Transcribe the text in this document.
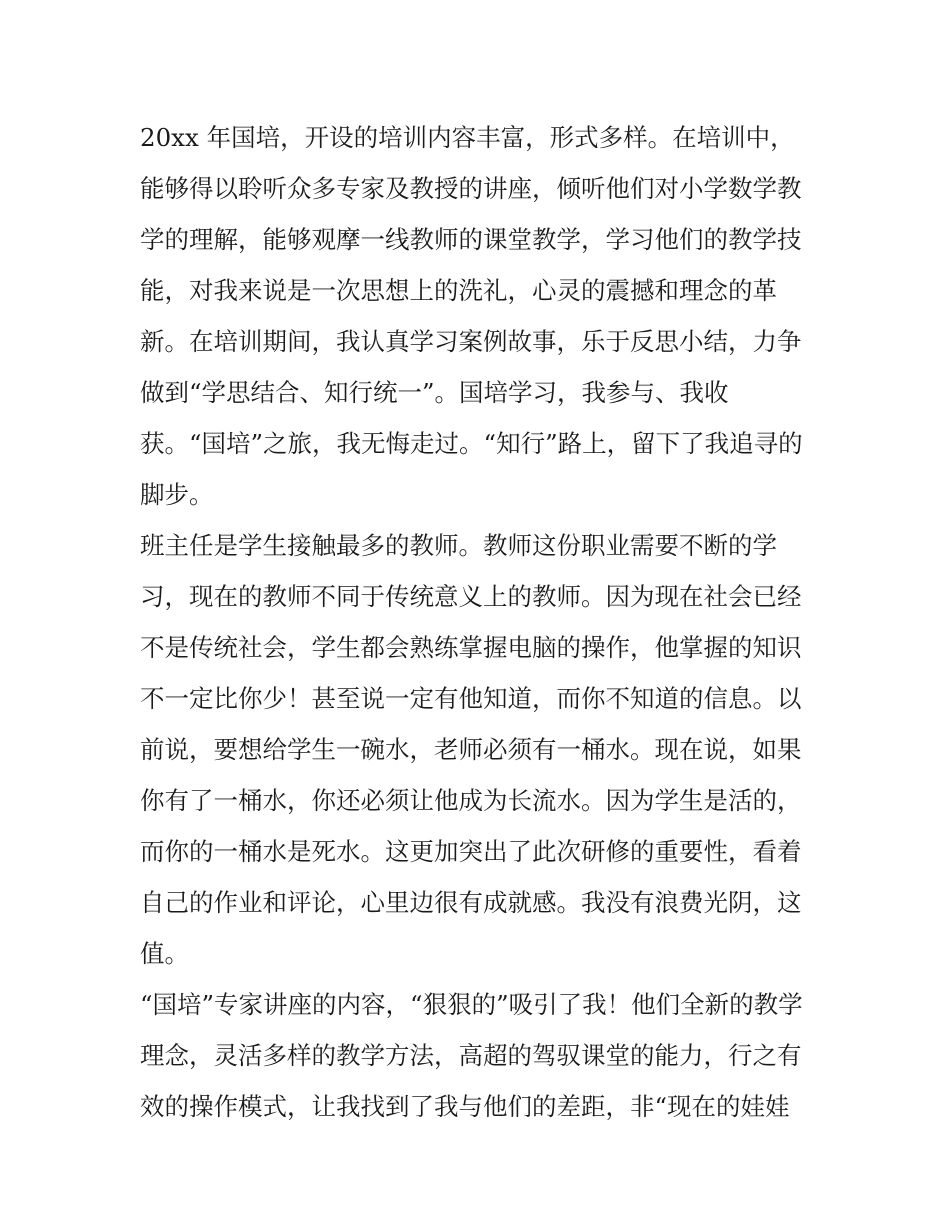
20xx 年国培，开设的培训内容丰富，形式多样。在培训中，
能够得以聆听众多专家及教授的讲座，倾听他们对小学数学教
学的理解，能够观摩一线教师的课堂教学，学习他们的教学技
能，对我来说是一次思想上的洗礼，心灵的震撼和理念的革
新。在培训期间，我认真学习案例故事，乐于反思小结，力争
做到“学思结合、知行统一”。国培学习，我参与、我收
获。“国培”之旅，我无悔走过。“知行”路上，留下了我追寻的
脚步。
班主任是学生接触最多的教师。教师这份职业需要不断的学
习，现在的教师不同于传统意义上的教师。因为现在社会已经
不是传统社会，学生都会熟练掌握电脑的操作，他掌握的知识
不一定比你少！甚至说一定有他知道，而你不知道的信息。以
前说，要想给学生一碗水，老师必须有一桶水。现在说，如果
你有了一桶水，你还必须让他成为长流水。因为学生是活的，
而你的一桶水是死水。这更加突出了此次研修的重要性，看着
自己的作业和评论，心里边很有成就感。我没有浪费光阴，这
值。
“国培”专家讲座的内容，“狠狠的”吸引了我！他们全新的教学
理念，灵活多样的教学方法，高超的驾驭课堂的能力，行之有
效的操作模式，让我找到了我与他们的差距，非“现在的娃娃
